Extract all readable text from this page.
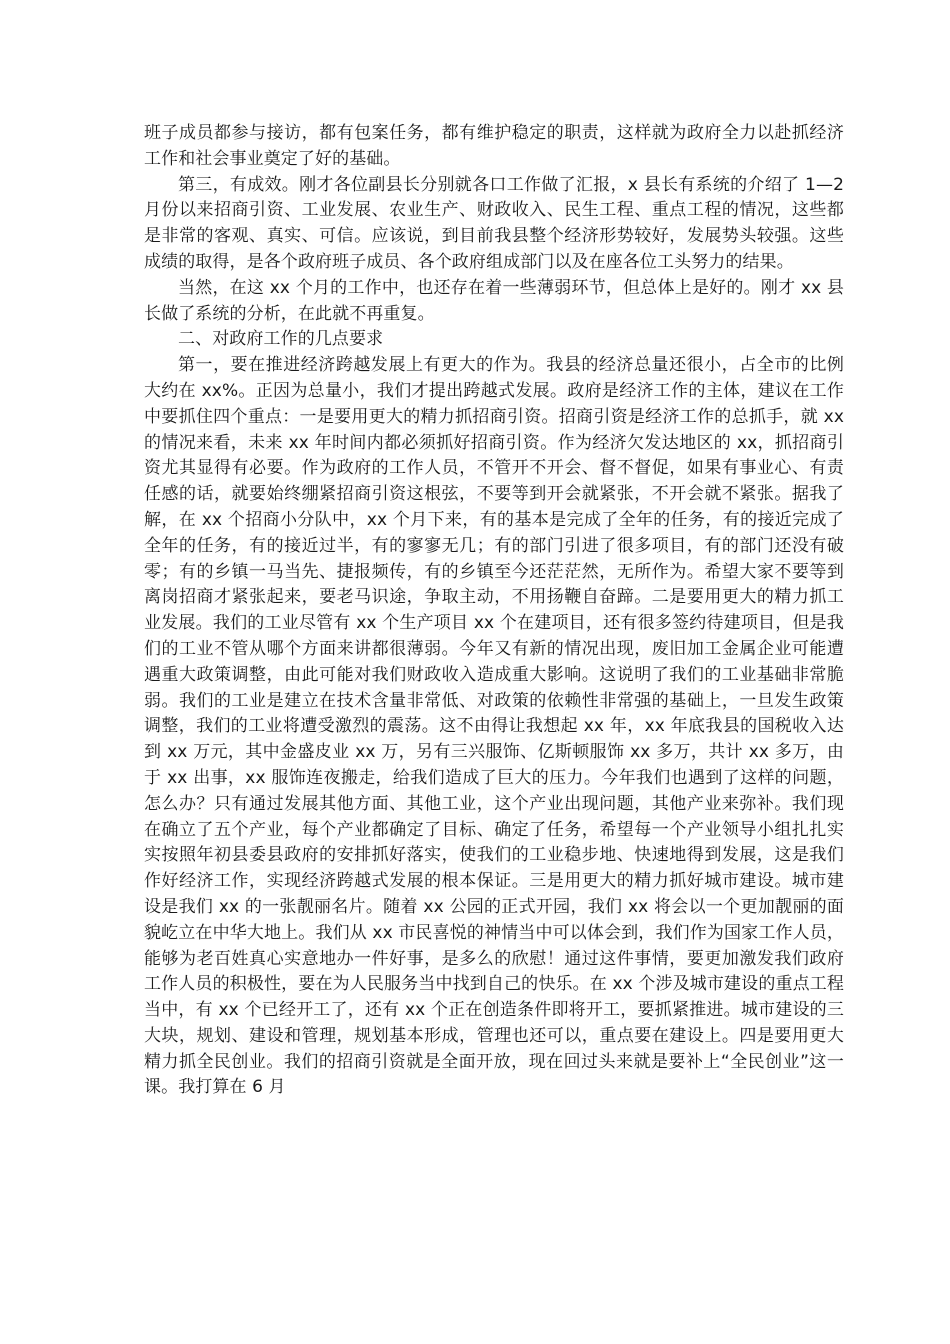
班子成员都参与接访，都有包案任务，都有维护稳定的职责，这样就为政府全力以赴抓经济工作和社会事业奠定了好的基础。

第三，有成效。刚才各位副县长分别就各口工作做了汇报，x 县长有系统的介绍了 1—2 月份以来招商引资、工业发展、农业生产、财政收入、民生工程、重点工程的情况，这些都是非常的客观、真实、可信。应该说，到目前我县整个经济形势较好，发展势头较强。这些成绩的取得，是各个政府班子成员、各个政府组成部门以及在座各位工头努力的结果。

当然，在这 xx 个月的工作中，也还存在着一些薄弱环节，但总体上是好的。刚才 xx 县长做了系统的分析，在此就不再重复。

二、对政府工作的几点要求

第一，要在推进经济跨越发展上有更大的作为。我县的经济总量还很小，占全市的比例大约在 xx%。正因为总量小，我们才提出跨越式发展。政府是经济工作的主体，建议在工作中要抓住四个重点：一是要用更大的精力抓招商引资。招商引资是经济工作的总抓手，就 xx 的情况来看，未来 xx 年时间内都必须抓好招商引资。作为经济欠发达地区的 xx，抓招商引资尤其显得有必要。作为政府的工作人员，不管开不开会、督不督促，如果有事业心、有责任感的话，就要始终绷紧招商引资这根弦，不要等到开会就紧张，不开会就不紧张。据我了解，在 xx 个招商小分队中，xx 个月下来，有的基本是完成了全年的任务，有的接近完成了全年的任务，有的接近过半，有的寥寥无几；有的部门引进了很多项目，有的部门还没有破零；有的乡镇一马当先、捷报频传，有的乡镇至今还茫茫然，无所作为。希望大家不要等到离岗招商才紧张起来，要老马识途，争取主动，不用扬鞭自奋蹄。二是要用更大的精力抓工业发展。我们的工业尽管有 xx 个生产项目 xx 个在建项目，还有很多签约待建项目，但是我们的工业不管从哪个方面来讲都很薄弱。今年又有新的情况出现，废旧加工金属企业可能遭遇重大政策调整，由此可能对我们财政收入造成重大影响。这说明了我们的工业基础非常脆弱。我们的工业是建立在技术含量非常低、对政策的依赖性非常强的基础上，一旦发生政策调整，我们的工业将遭受激烈的震荡。这不由得让我想起 xx 年，xx 年底我县的国税收入达到 xx 万元，其中金盛皮业 xx 万，另有三兴服饰、亿斯顿服饰 xx 多万，共计 xx 多万，由于 xx 出事，xx 服饰连夜搬走，给我们造成了巨大的压力。今年我们也遇到了这样的问题，怎么办？只有通过发展其他方面、其他工业，这个产业出现问题，其他产业来弥补。我们现在确立了五个产业，每个产业都确定了目标、确定了任务，希望每一个产业领导小组扎扎实实按照年初县委县政府的安排抓好落实，使我们的工业稳步地、快速地得到发展，这是我们作好经济工作，实现经济跨越式发展的根本保证。三是用更大的精力抓好城市建设。城市建设是我们 xx 的一张靓丽名片。随着 xx 公园的正式开园，我们 xx 将会以一个更加靓丽的面貌屹立在中华大地上。我们从 xx 市民喜悦的神情当中可以体会到，我们作为国家工作人员，能够为老百姓真心实意地办一件好事，是多么的欣慰！通过这件事情，要更加激发我们政府工作人员的积极性，要在为人民服务当中找到自己的快乐。在 xx 个涉及城市建设的重点工程当中，有 xx 个已经开工了，还有 xx 个正在创造条件即将开工，要抓紧推进。城市建设的三大块，规划、建设和管理，规划基本形成，管理也还可以，重点要在建设上。四是要用更大精力抓全民创业。我们的招商引资就是全面开放，现在回过头来就是要补上“全民创业”这一课。我打算在 6 月
